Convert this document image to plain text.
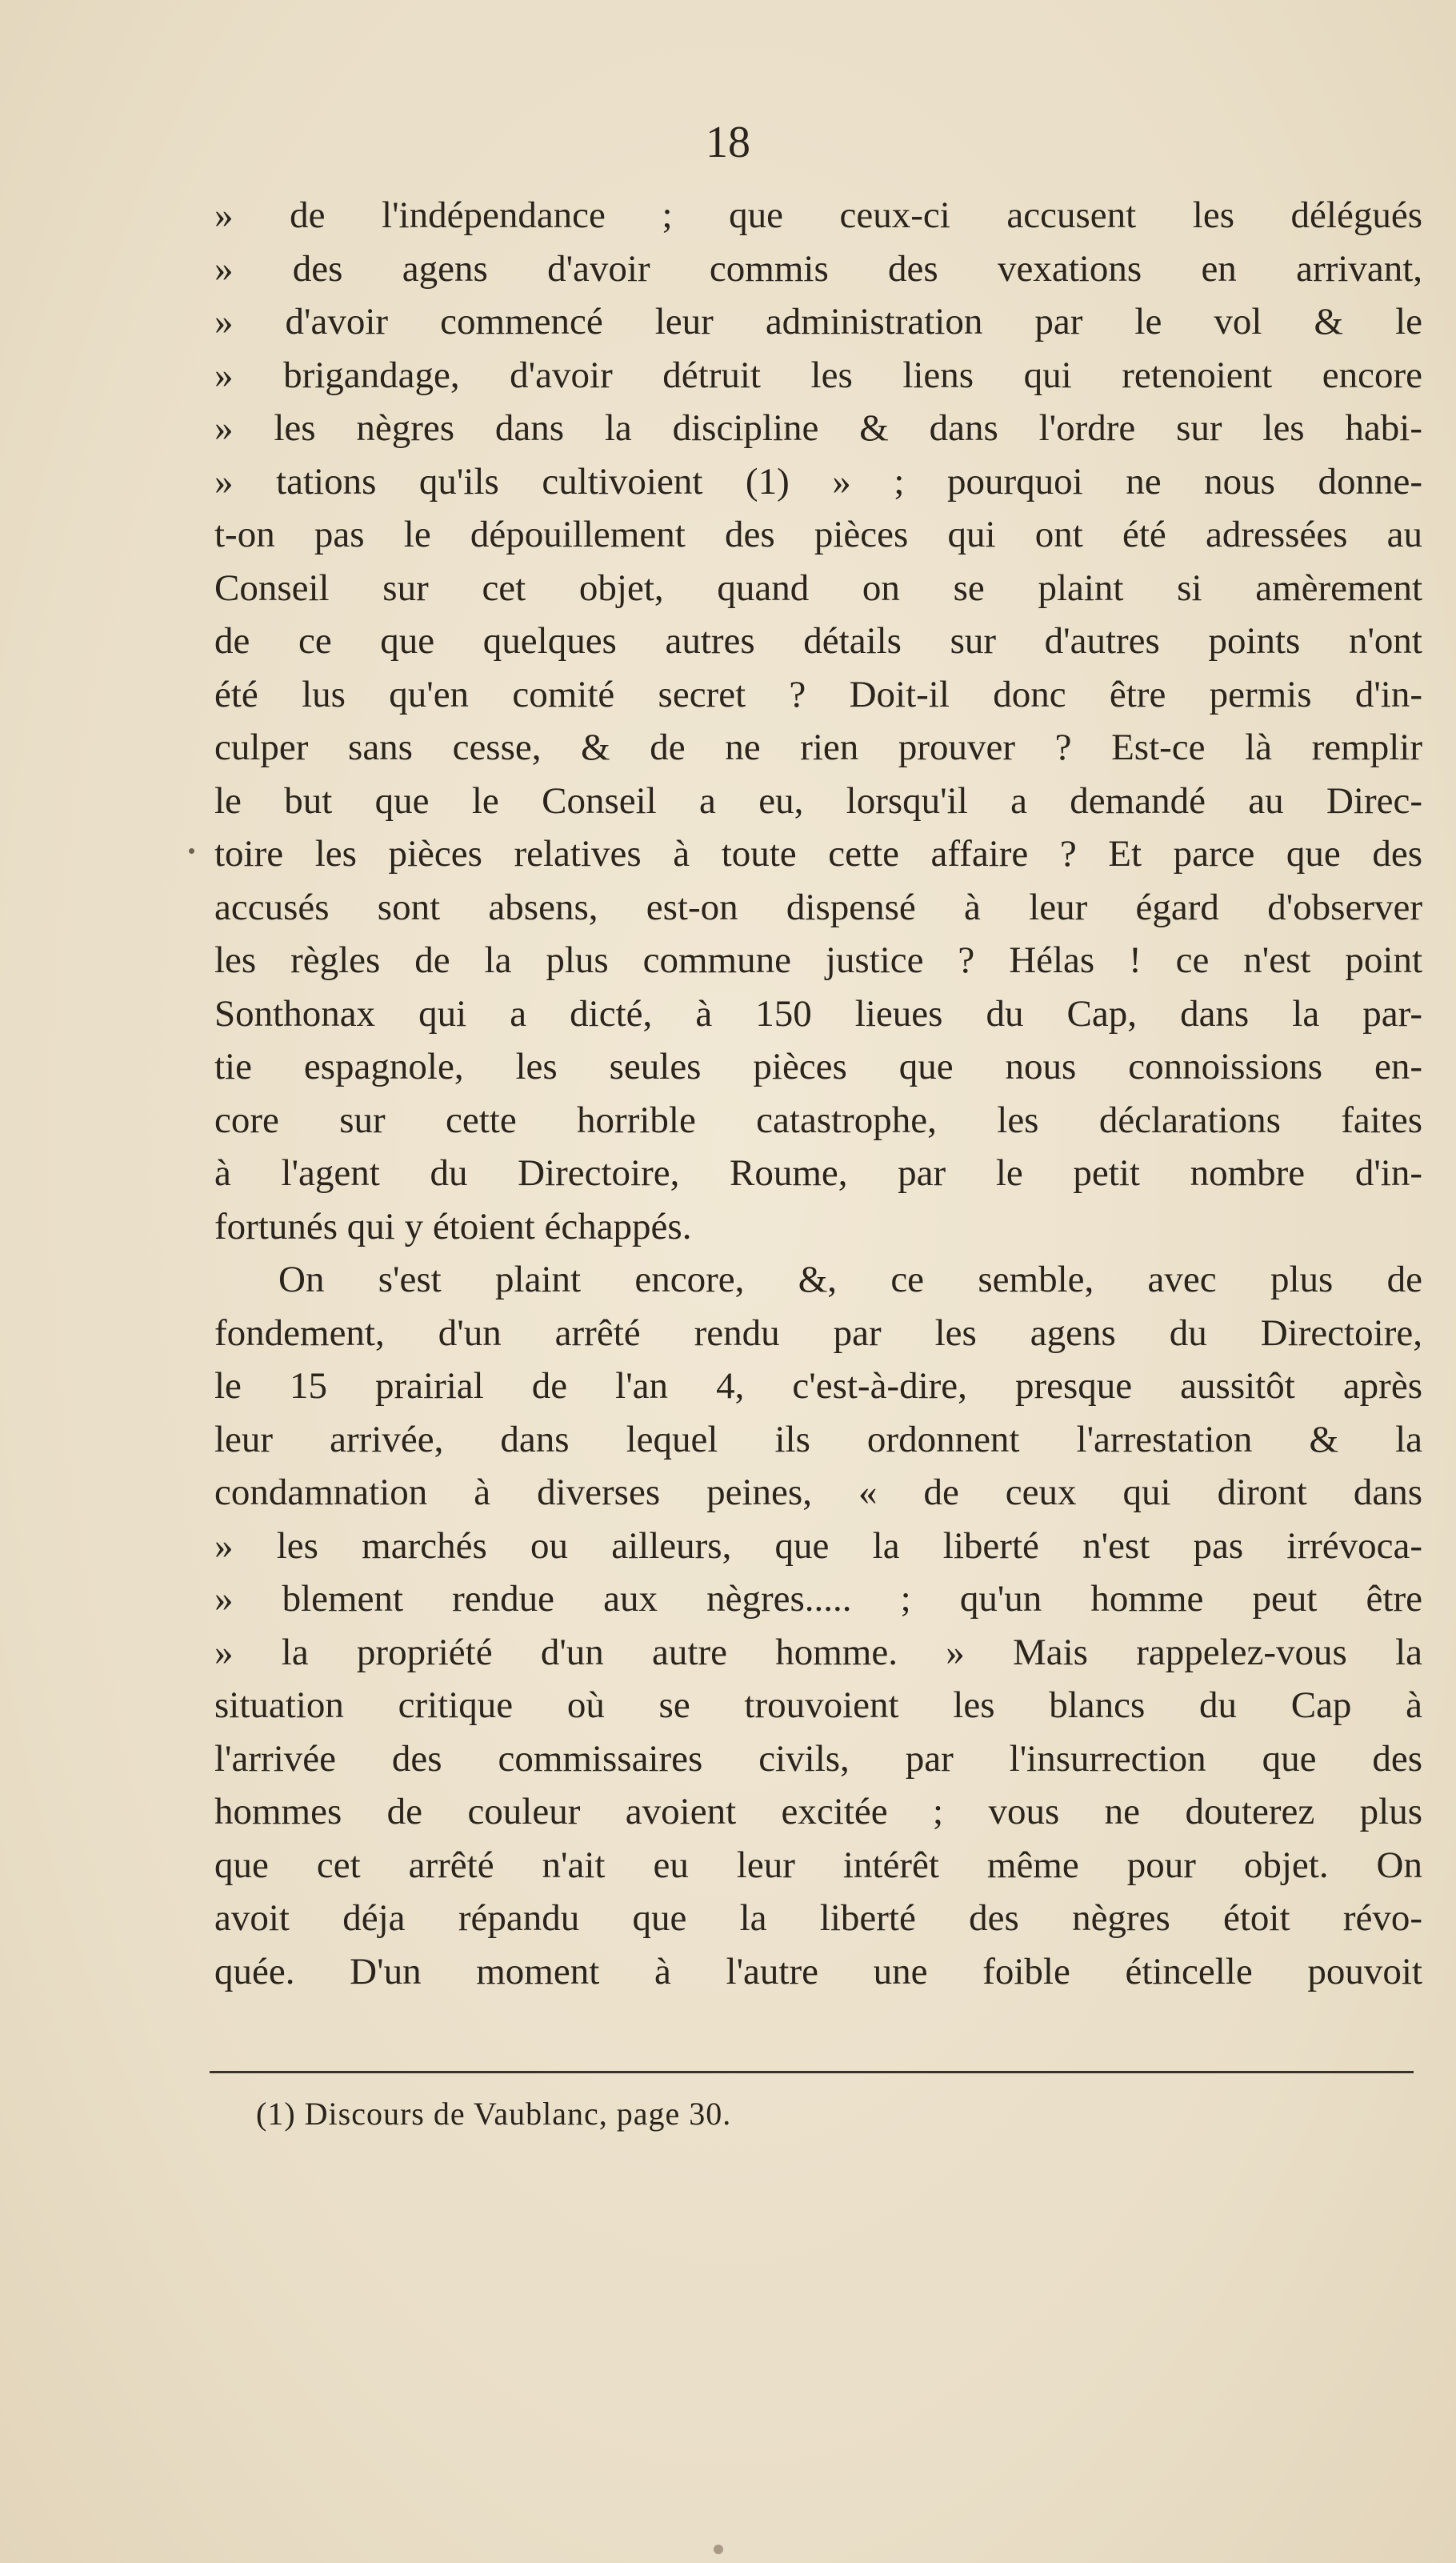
18
» de l'indépendance ; que ceux-ci accusent les délégués
» des agens d'avoir commis des vexations en arrivant,
» d'avoir commencé leur administration par le vol & le
» brigandage, d'avoir détruit les liens qui retenoient encore
» les nègres dans la discipline & dans l'ordre sur les habi-
» tations qu'ils cultivoient (1) » ; pourquoi ne nous donne-
t-on pas le dépouillement des pièces qui ont été adressées au
Conseil sur cet objet, quand on se plaint si amèrement
de ce que quelques autres détails sur d'autres points n'ont
été lus qu'en comité secret ? Doit-il donc être permis d'in-
culper sans cesse, & de ne rien prouver ? Est-ce là remplir
le but que le Conseil a eu, lorsqu'il a demandé au Direc-
toire les pièces relatives à toute cette affaire ? Et parce que des
accusés sont absens, est-on dispensé à leur égard d'observer
les règles de la plus commune justice ? Hélas ! ce n'est point
Sonthonax qui a dicté, à 150 lieues du Cap, dans la par-
tie espagnole, les seules pièces que nous connoissions en-
core sur cette horrible catastrophe, les déclarations faites
à l'agent du Directoire, Roume, par le petit nombre d'in-
fortunés qui y étoient échappés.
On s'est plaint encore, &, ce semble, avec plus de
fondement, d'un arrêté rendu par les agens du Directoire,
le 15 prairial de l'an 4, c'est-à-dire, presque aussitôt après
leur arrivée, dans lequel ils ordonnent l'arrestation & la
condamnation à diverses peines, « de ceux qui diront dans
» les marchés ou ailleurs, que la liberté n'est pas irrévoca-
» blement rendue aux nègres..... ; qu'un homme peut être
» la propriété d'un autre homme. » Mais rappelez-vous la
situation critique où se trouvoient les blancs du Cap à
l'arrivée des commissaires civils, par l'insurrection que des
hommes de couleur avoient excitée ; vous ne douterez plus
que cet arrêté n'ait eu leur intérêt même pour objet. On
avoit déja répandu que la liberté des nègres étoit révo-
quée. D'un moment à l'autre une foible étincelle pouvoit
(1) Discours de Vaublanc, page 30.
